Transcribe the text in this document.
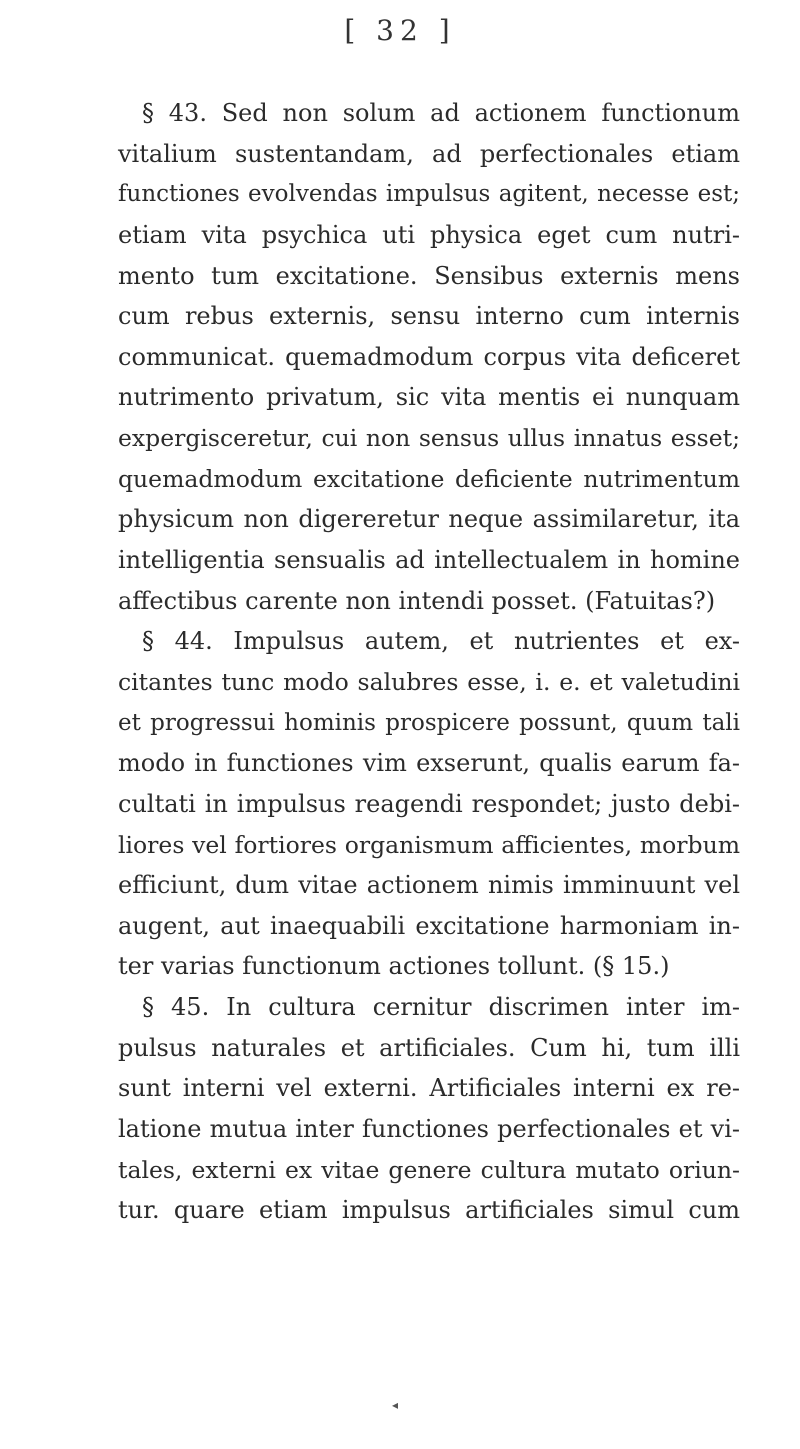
[ 32 ]
§ 43. Sed non solum ad actionem functionum
vitalium sustentandam, ad perfectionales etiam
functiones evolvendas impulsus agitent, necesse est;
etiam vita psychica uti physica eget cum nutri-
mento tum excitatione. Sensibus externis mens
cum rebus externis, sensu interno cum internis
communicat. quemadmodum corpus vita deficeret
nutrimento privatum, sic vita mentis ei nunquam
expergisceretur, cui non sensus ullus innatus esset;
quemadmodum excitatione deficiente nutrimentum
physicum non digereretur neque assimilaretur, ita
intelligentia sensualis ad intellectualem in homine
affectibus carente non intendi posset. (Fatuitas?)
§ 44. Impulsus autem, et nutrientes et ex-
citantes tunc modo salubres esse, i. e. et valetudini
et progressui hominis prospicere possunt, quum tali
modo in functiones vim exserunt, qualis earum fa-
cultati in impulsus reagendi respondet; justo debi-
liores vel fortiores organismum afficientes, morbum
efficiunt, dum vitae actionem nimis imminuunt vel
augent, aut inaequabili excitatione harmoniam in-
ter varias functionum actiones tollunt. (§ 15.)
§ 45. In cultura cernitur discrimen inter im-
pulsus naturales et artificiales. Cum hi, tum illi
sunt interni vel externi. Artificiales interni ex re-
latione mutua inter functiones perfectionales et vi-
tales, externi ex vitae genere cultura mutato oriun-
tur. quare etiam impulsus artificiales simul cum
◂
